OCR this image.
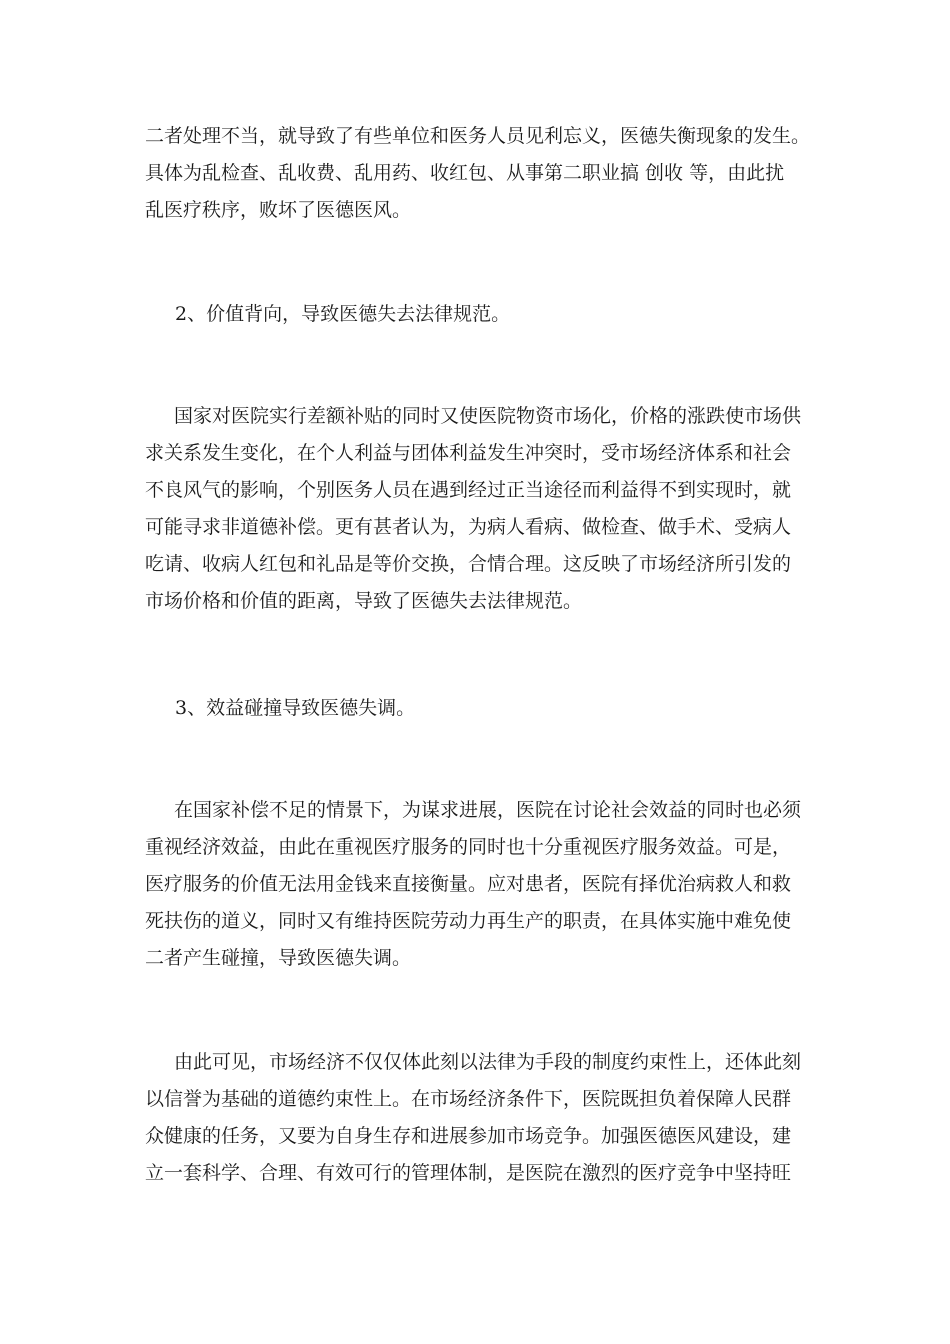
二者处理不当，就导致了有些单位和医务人员见利忘义，医德失衡现象的发生。
具体为乱检查、乱收费、乱用药、收红包、从事第二职业搞 创收 等，由此扰
乱医疗秩序，败坏了医德医风。
2、价值背向，导致医德失去法律规范。
国家对医院实行差额补贴的同时又使医院物资市场化，价格的涨跌使市场供
求关系发生变化，在个人利益与团体利益发生冲突时，受市场经济体系和社会
不良风气的影响，个别医务人员在遇到经过正当途径而利益得不到实现时，就
可能寻求非道德补偿。更有甚者认为，为病人看病、做检查、做手术、受病人
吃请、收病人红包和礼品是等价交换，合情合理。这反映了市场经济所引发的
市场价格和价值的距离，导致了医德失去法律规范。
3、效益碰撞导致医德失调。
在国家补偿不足的情景下，为谋求进展，医院在讨论社会效益的同时也必须
重视经济效益，由此在重视医疗服务的同时也十分重视医疗服务效益。可是，
医疗服务的价值无法用金钱来直接衡量。应对患者，医院有择优治病救人和救
死扶伤的道义，同时又有维持医院劳动力再生产的职责，在具体实施中难免使
二者产生碰撞，导致医德失调。
由此可见，市场经济不仅仅体此刻以法律为手段的制度约束性上，还体此刻
以信誉为基础的道德约束性上。在市场经济条件下，医院既担负着保障人民群
众健康的任务，又要为自身生存和进展参加市场竞争。加强医德医风建设，建
立一套科学、合理、有效可行的管理体制，是医院在激烈的医疗竞争中坚持旺
